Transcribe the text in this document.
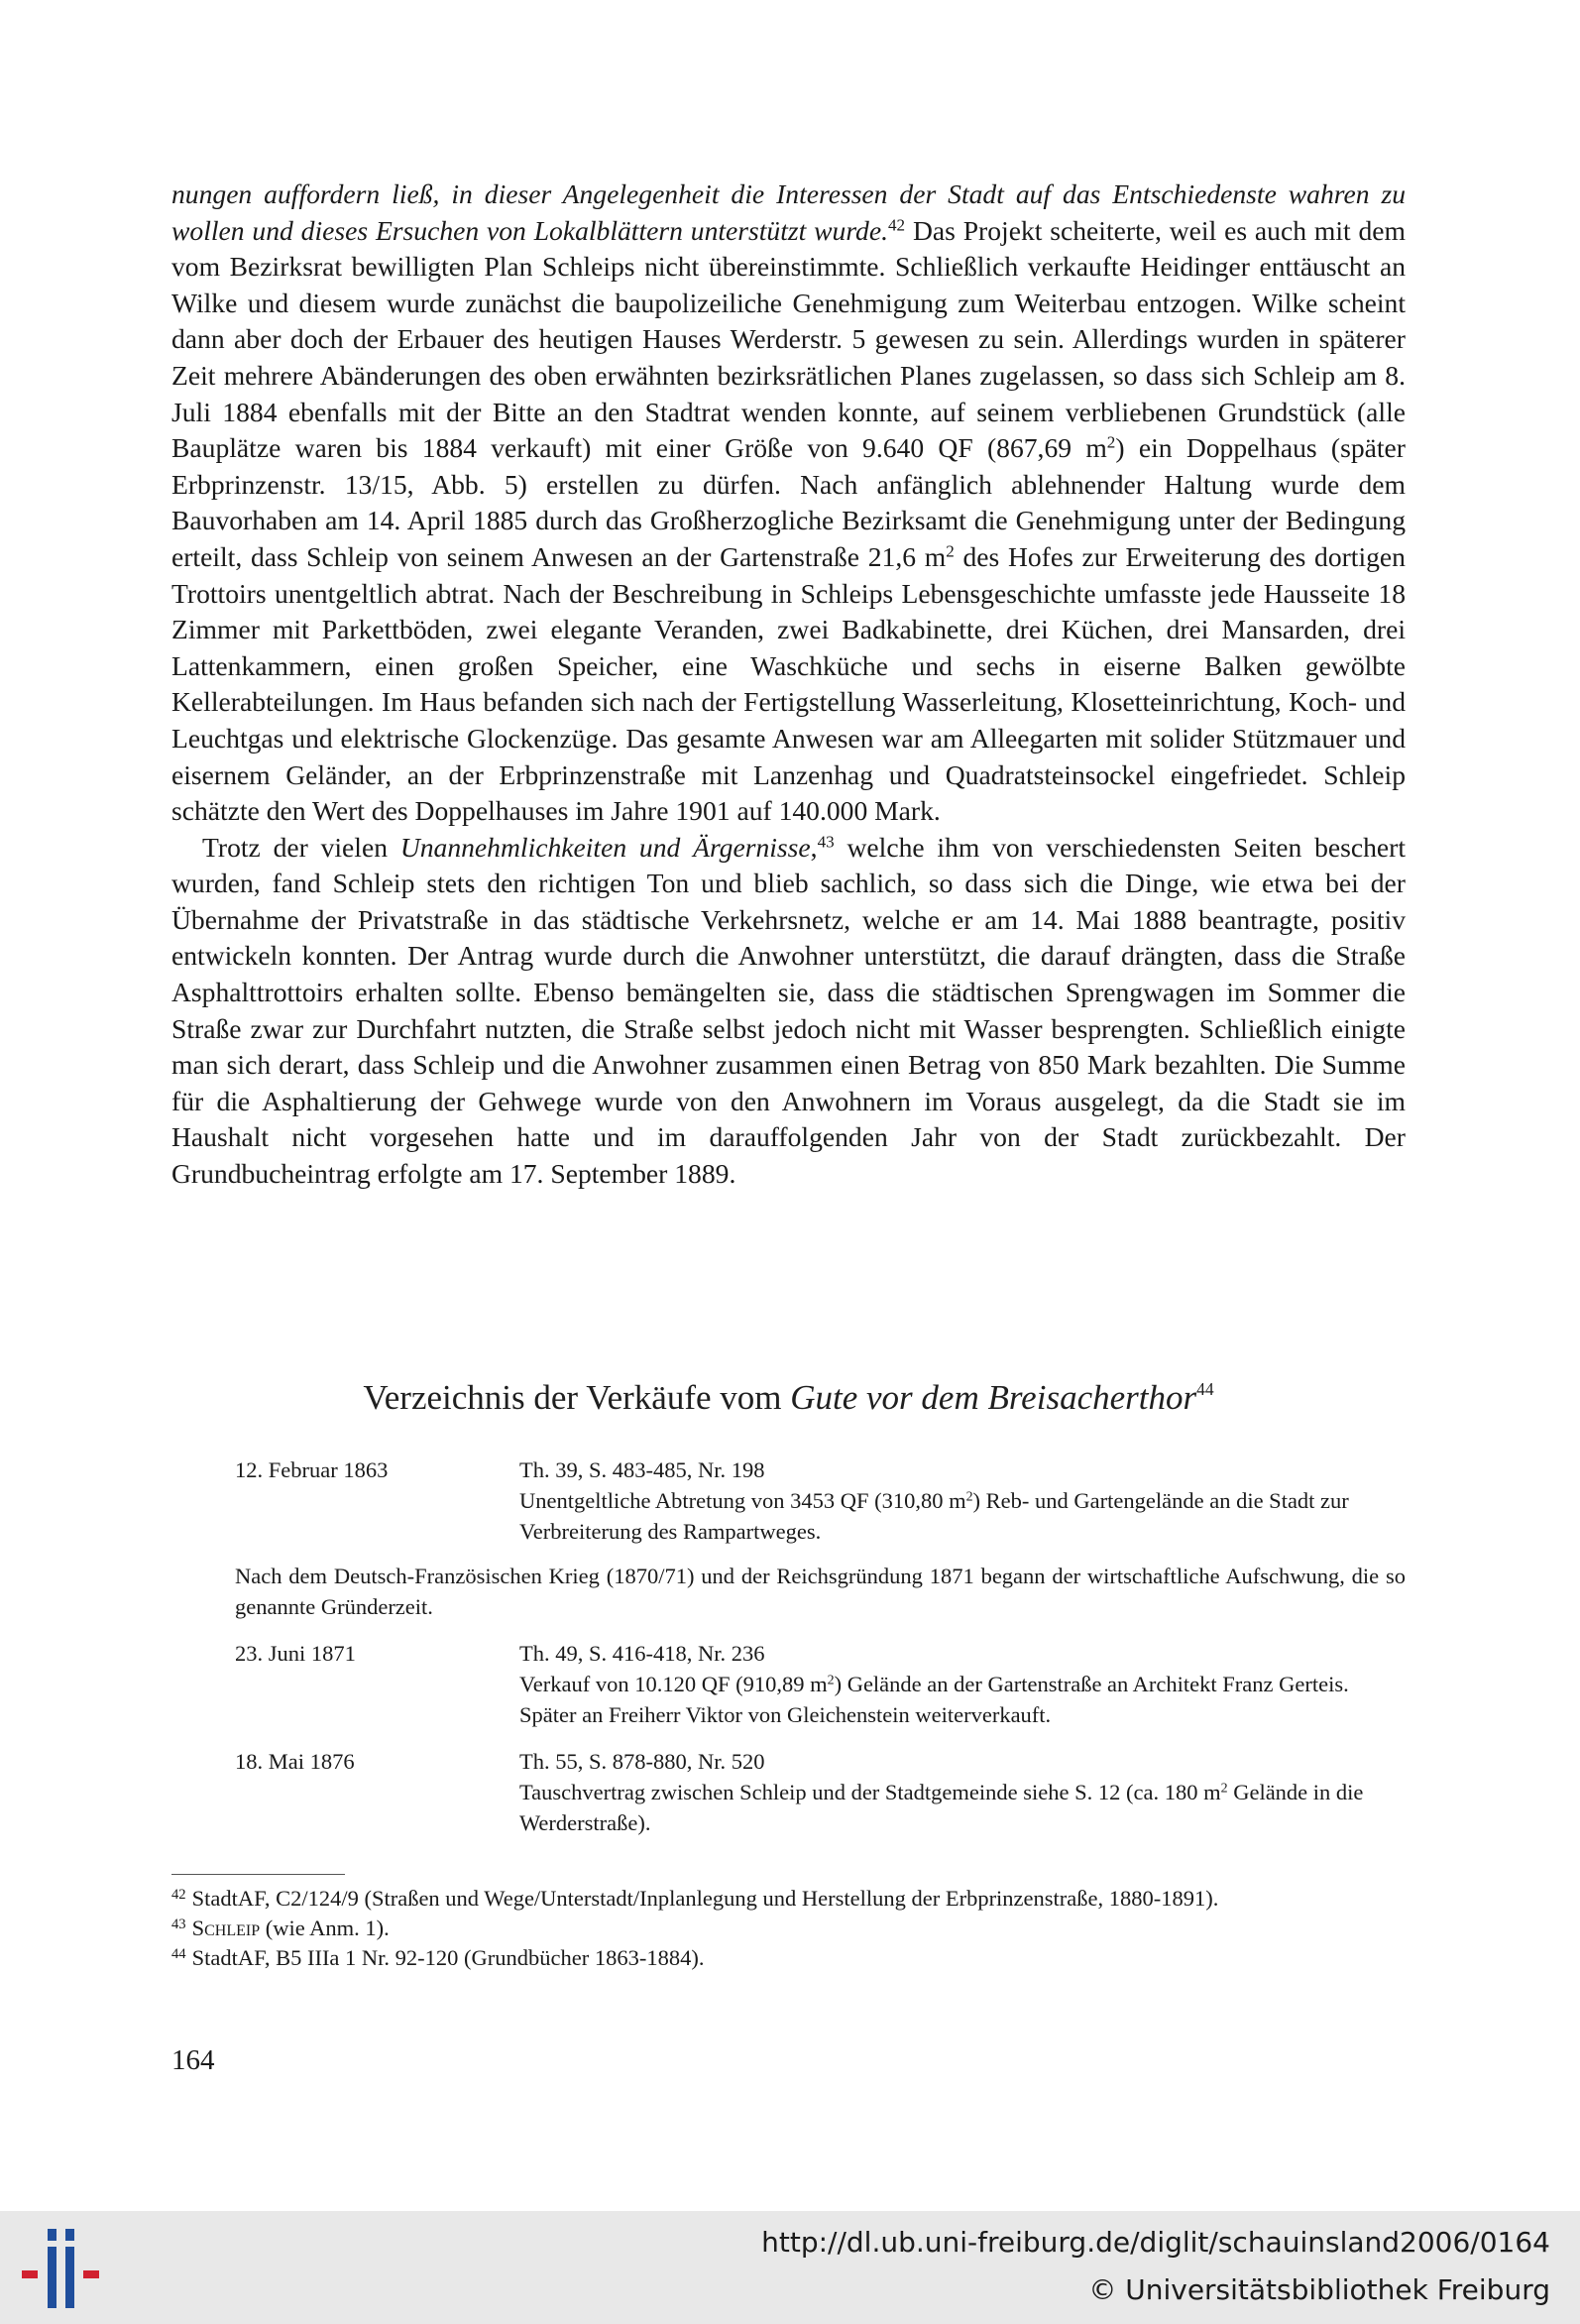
nungen auffordern ließ, in dieser Angelegenheit die Interessen der Stadt auf das Entschiedenste wahren zu wollen und dieses Ersuchen von Lokalblättern unterstützt wurde.$^{42}$ Das Projekt scheiterte, weil es auch mit dem vom Bezirksrat bewilligten Plan Schleips nicht übereinstimmte. Schließlich verkaufte Heidinger enttäuscht an Wilke und diesem wurde zunächst die baupolizeiliche Genehmigung zum Weiterbau entzogen. Wilke scheint dann aber doch der Erbauer des heutigen Hauses Werderstr. 5 gewesen zu sein. Allerdings wurden in späterer Zeit mehrere Abänderungen des oben erwähnten bezirksrätlichen Planes zugelassen, so dass sich Schleip am 8. Juli 1884 ebenfalls mit der Bitte an den Stadtrat wenden konnte, auf seinem verbliebenen Grundstück (alle Bauplätze waren bis 1884 verkauft) mit einer Größe von 9.640 QF (867,69 $m^2$) ein Doppelhaus (später Erbprinzenstr. 13/15, Abb. 5) erstellen zu dürfen. Nach anfänglich ablehnender Haltung wurde dem Bauvorhaben am 14. April 1885 durch das Großherzogliche Bezirksamt die Genehmigung unter der Bedingung erteilt, dass Schleip von seinem Anwesen an der Gartenstraße 21,6 $m^2$ des Hofes zur Erweiterung des dortigen Trottoirs unentgeltlich abtrat. Nach der Beschreibung in Schleips Lebensgeschichte umfasste jede Hausseite 18 Zimmer mit Parkettböden, zwei elegante Veranden, zwei Badkabinette, drei Küchen, drei Mansarden, drei Lattenkammern, einen großen Speicher, eine Waschküche und sechs in eiserne Balken gewölbte Kellerabteilungen. Im Haus befanden sich nach der Fertigstellung Wasserleitung, Klosetteinrichtung, Koch- und Leuchtgas und elektrische Glockenzüge. Das gesamte Anwesen war am Alleegarten mit solider Stützmauer und eisernem Geländer, an der Erbprinzenstraße mit Lanzenhag und Quadratsteinsockel eingefriedet. Schleip schätzte den Wert des Doppelhauses im Jahre 1901 auf 140.000 Mark.

Trotz der vielen Unannehmlichkeiten und Ärgernisse,$^{43}$ welche ihm von verschiedensten Seiten beschert wurden, fand Schleip stets den richtigen Ton und blieb sachlich, so dass sich die Dinge, wie etwa bei der Übernahme der Privatstraße in das städtische Verkehrsnetz, welche er am 14. Mai 1888 beantragte, positiv entwickeln konnten. Der Antrag wurde durch die Anwohner unterstützt, die darauf drängten, dass die Straße Asphalttrottoirs erhalten sollte. Ebenso bemängelten sie, dass die städtischen Sprengwagen im Sommer die Straße zwar zur Durchfahrt nutzten, die Straße selbst jedoch nicht mit Wasser besprengten. Schließlich einigte man sich derart, dass Schleip und die Anwohner zusammen einen Betrag von 850 Mark bezahlten. Die Summe für die Asphaltierung der Gehwege wurde von den Anwohnern im Voraus ausgelegt, da die Stadt sie im Haushalt nicht vorgesehen hatte und im darauffolgenden Jahr von der Stadt zurückbezahlt. Der Grundbucheintrag erfolgte am 17. September 1889.

Verzeichnis der Verkäufe vom Gute vor dem Breisacherthor$^{44}$
12. Februar 1863	Th. 39, S. 483-485, Nr. 198
Unentgeltliche Abtretung von 3453 QF (310,80 $m^2$) Reb- und Gartengelände an die Stadt zur Verbreiterung des Rampartweges.
Nach dem Deutsch-Französischen Krieg (1870/71) und der Reichsgründung 1871 begann der wirtschaftliche Aufschwung, die so genannte Gründerzeit.
23. Juni 1871	Th. 49, S. 416-418, Nr. 236
Verkauf von 10.120 QF (910,89 $m^2$) Gelände an der Gartenstraße an Architekt Franz Gerteis. Später an Freiherr Viktor von Gleichenstein weiterverkauft.
18. Mai 1876	Th. 55, S. 878-880, Nr. 520
Tauschvertrag zwischen Schleip und der Stadtgemeinde siehe S. 12 (ca. 180 $m^2$ Gelände in die Werderstraße).
$^{42}$ StadtAF, C2/124/9 (Straßen und Wege/Unterstadt/Inplanlegung und Herstellung der Erbprinzenstraße, 1880-1891).
$^{43}$ Schleip (wie Anm. 1).
$^{44}$ StadtAF, B5 IIIa 1 Nr. 92-120 (Grundbücher 1863-1884).
164
http://dl.ub.uni-freiburg.de/diglit/schauinsland2006/0164
© Universitätsbibliothek Freiburg
